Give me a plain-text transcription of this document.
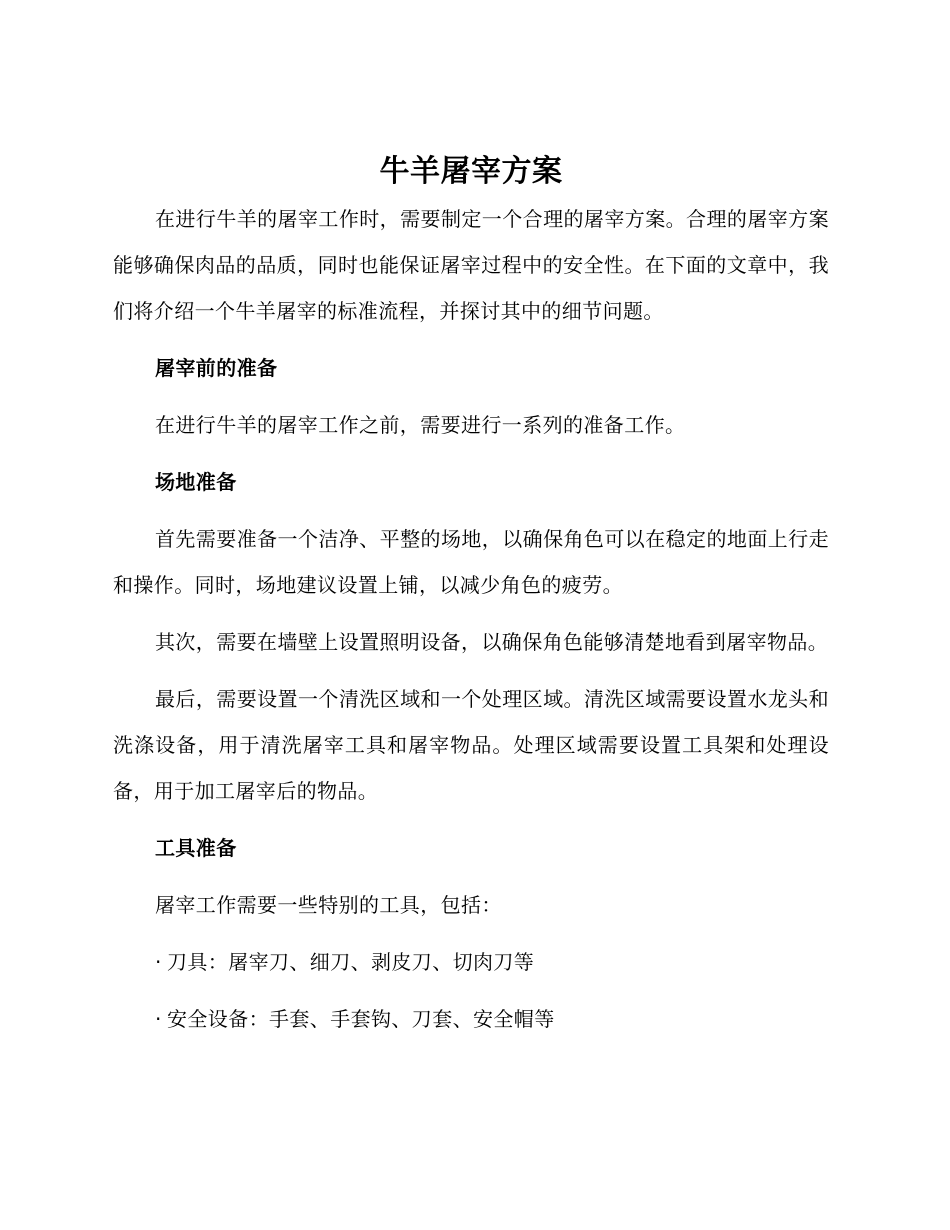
牛羊屠宰方案

在进行牛羊的屠宰工作时，需要制定一个合理的屠宰方案。合理的屠宰方案能够确保肉品的品质，同时也能保证屠宰过程中的安全性。在下面的文章中，我们将介绍一个牛羊屠宰的标准流程，并探讨其中的细节问题。

屠宰前的准备

在进行牛羊的屠宰工作之前，需要进行一系列的准备工作。

场地准备

首先需要准备一个洁净、平整的场地，以确保角色可以在稳定的地面上行走和操作。同时，场地建议设置上铺，以减少角色的疲劳。

其次，需要在墙壁上设置照明设备，以确保角色能够清楚地看到屠宰物品。

最后，需要设置一个清洗区域和一个处理区域。清洗区域需要设置水龙头和洗涤设备，用于清洗屠宰工具和屠宰物品。处理区域需要设置工具架和处理设备，用于加工屠宰后的物品。

工具准备

屠宰工作需要一些特别的工具，包括：

· 刀具：屠宰刀、细刀、剥皮刀、切肉刀等

· 安全设备：手套、手套钩、刀套、安全帽等
